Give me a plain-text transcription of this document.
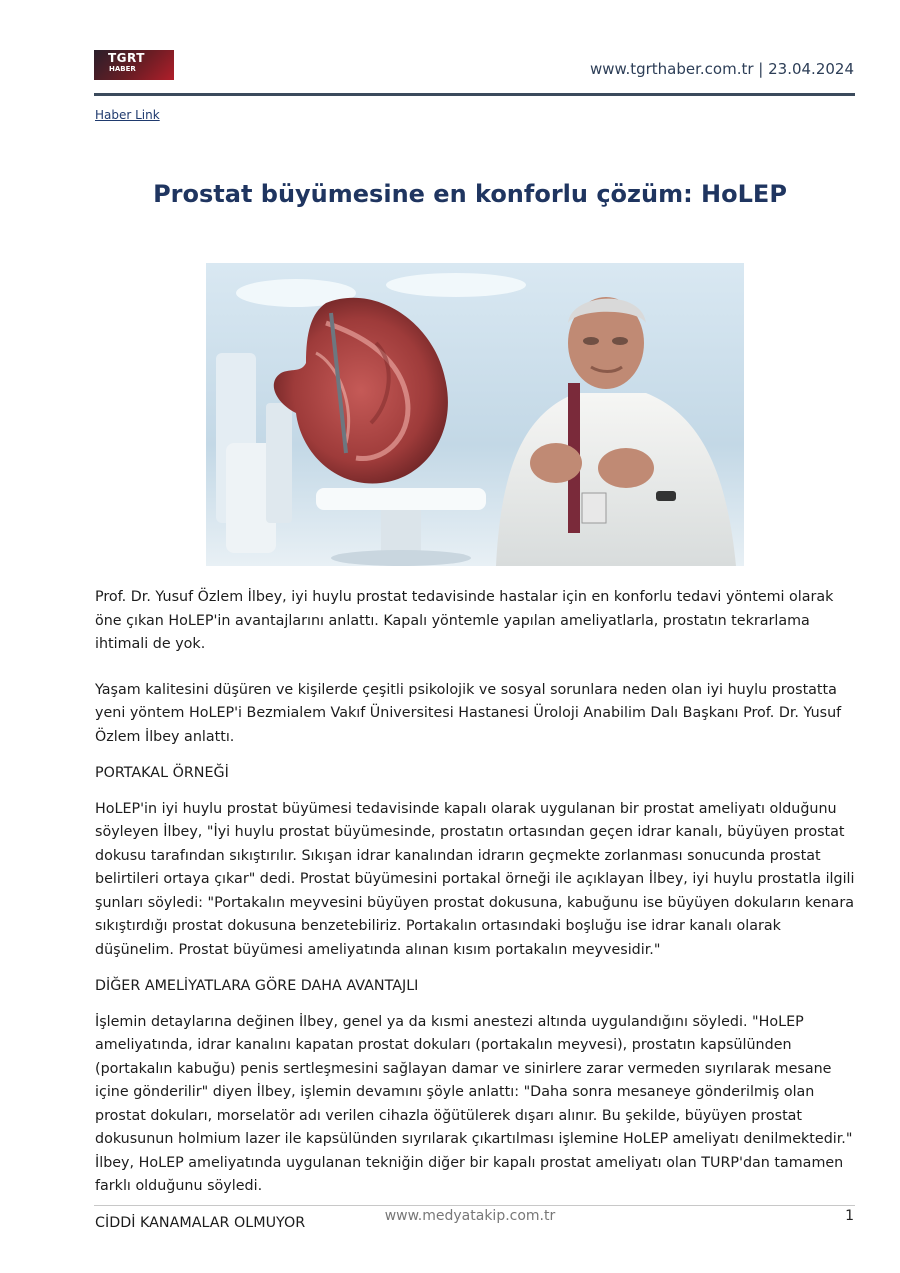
TGRT
HABER	www.tgrthaber.com.tr | 23.04.2024
Haber Link
Prostat büyümesine en konforlu çözüm: HoLEP

Prof. Dr. Yusuf Özlem İlbey, iyi huylu prostat tedavisinde hastalar için en konforlu tedavi yöntemi olarak öne çıkan HoLEP'in avantajlarını anlattı. Kapalı yöntemle yapılan ameliyatlarla, prostatın tekrarlama ihtimali de yok.

Yaşam kalitesini düşüren ve kişilerde çeşitli psikolojik ve sosyal sorunlara neden olan iyi huylu prostatta yeni yöntem HoLEP'i Bezmialem Vakıf Üniversitesi Hastanesi Üroloji Anabilim Dalı Başkanı Prof. Dr. Yusuf Özlem İlbey anlattı.

PORTAKAL ÖRNEĞİ

HoLEP'in iyi huylu prostat büyümesi tedavisinde kapalı olarak uygulanan bir prostat ameliyatı olduğunu söyleyen İlbey, "İyi huylu prostat büyümesinde, prostatın ortasından geçen idrar kanalı, büyüyen prostat dokusu tarafından sıkıştırılır. Sıkışan idrar kanalından idrarın geçmekte zorlanması sonucunda prostat belirtileri ortaya çıkar" dedi. Prostat büyümesini portakal örneği ile açıklayan İlbey, iyi huylu prostatla ilgili şunları söyledi: "Portakalın meyvesini büyüyen prostat dokusuna, kabuğunu ise büyüyen dokuların kenara sıkıştırdığı prostat dokusuna benzetebiliriz. Portakalın ortasındaki boşluğu ise idrar kanalı olarak düşünelim. Prostat büyümesi ameliyatında alınan kısım portakalın meyvesidir."

DİĞER AMELİYATLARA GÖRE DAHA AVANTAJLI

İşlemin detaylarına değinen İlbey, genel ya da kısmi anestezi altında uygulandığını söyledi. "HoLEP ameliyatında, idrar kanalını kapatan prostat dokuları (portakalın meyvesi), prostatın kapsülünden (portakalın kabuğu) penis sertleşmesini sağlayan damar ve sinirlere zarar vermeden sıyrılarak mesane içine gönderilir" diyen İlbey, işlemin devamını şöyle anlattı: "Daha sonra mesaneye gönderilmiş olan prostat dokuları, morselatör adı verilen cihazla öğütülerek dışarı alınır. Bu şekilde, büyüyen prostat dokusunun holmium lazer ile kapsülünden sıyrılarak çıkartılması işlemine HoLEP ameliyatı denilmektedir." İlbey, HoLEP ameliyatında uygulanan tekniğin diğer bir kapalı prostat ameliyatı olan TURP'dan tamamen farklı olduğunu söyledi.

CİDDİ KANAMALAR OLMUYOR	www.medyatakip.com.tr	1
